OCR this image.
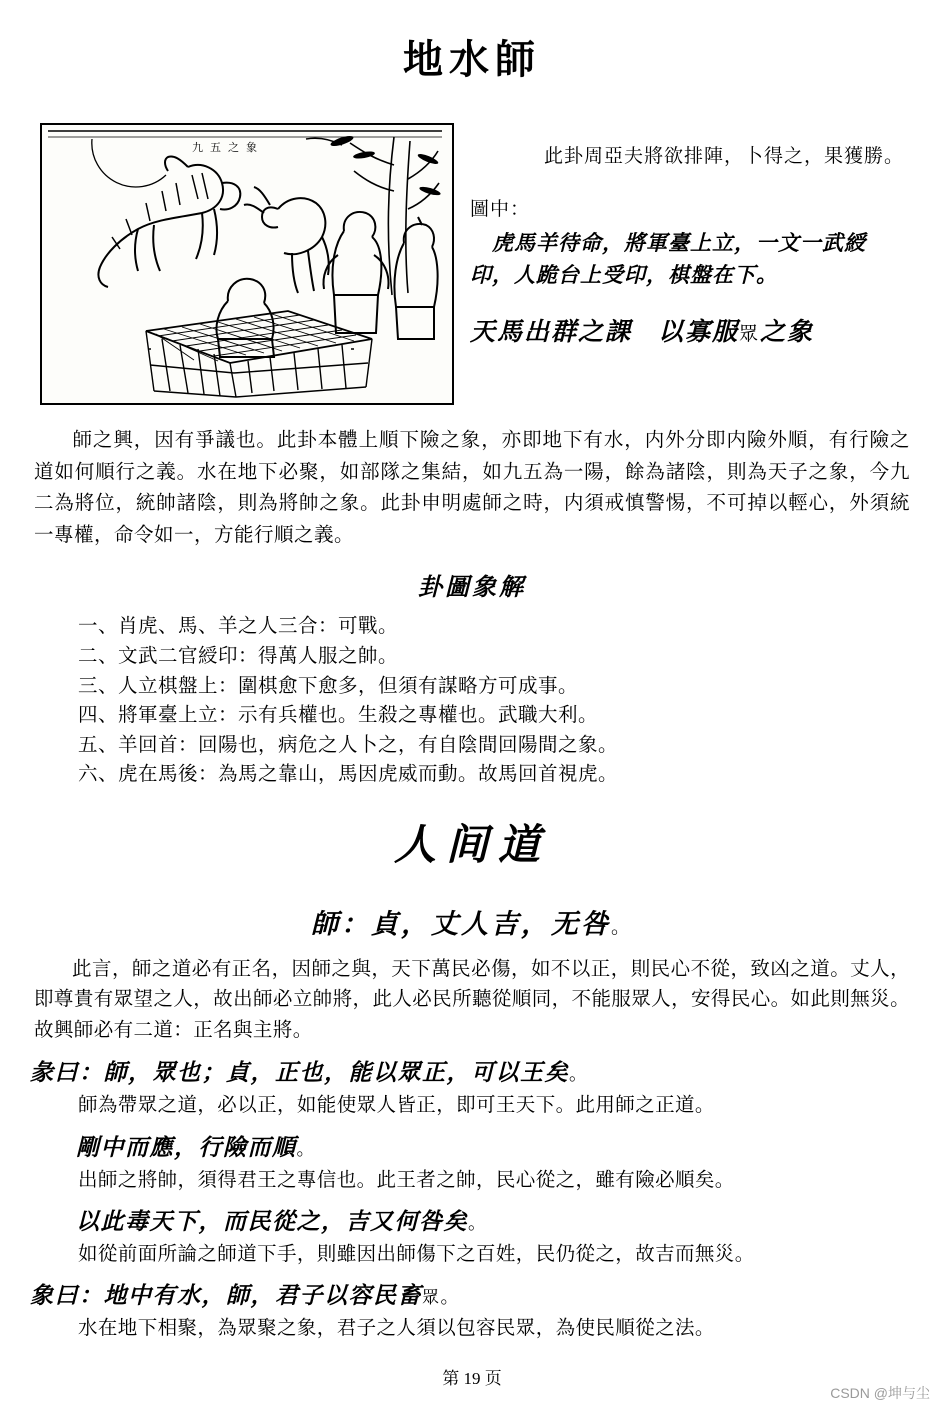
地水師
九 五 之 象	此卦周亞夫將欲排陣，卜得之，果獲勝。
圖中：
虎馬羊待命，將軍臺上立，一文一武綬
印，人跪台上受印，棋盤在下。
天馬出群之課 以寡服眾之象
師之興，因有爭議也。此卦本體上順下險之象，亦即地下有水，内外分即内險外順，有行險之道如何順行之義。水在地下必聚，如部隊之集結，如九五為一陽，餘為諸陰，則為天子之象，今九二為將位，統帥諸陰，則為將帥之象。此卦申明處師之時，内須戒慎警惕，不可掉以輕心，外須統一專權，命令如一，方能行順之義。
卦圖象解
一、肖虎、馬、羊之人三合：可戰。
二、文武二官綬印：得萬人服之帥。
三、人立棋盤上：圍棋愈下愈多，但須有謀略方可成事。
四、將軍臺上立：示有兵權也。生殺之專權也。武職大利。
五、羊回首：回陽也，病危之人卜之，有自陰間回陽間之象。
六、虎在馬後：為馬之靠山，馬因虎威而動。故馬回首視虎。
人间道
師：貞，丈人吉，无咎。
此言，師之道必有正名，因師之與，天下萬民必傷，如不以正，則民心不從，致凶之道。丈人，即尊貴有眾望之人，故出師必立帥將，此人必民所聽從順同，不能服眾人，安得民心。如此則無災。故興師必有二道：正名與主將。
彖曰：師，眾也；貞，正也，能以眾正，可以王矣。
師為帶眾之道，必以正，如能使眾人皆正，即可王天下。此用師之正道。
剛中而應，行險而順。
出師之將帥，須得君王之專信也。此王者之帥，民心從之，雖有險必順矣。
以此毒天下，而民從之，吉又何咎矣。
如從前面所論之師道下手，則雖因出師傷下之百姓，民仍從之，故吉而無災。
象曰：地中有水，師，君子以容民畜眾。
水在地下相聚，為眾聚之象，君子之人須以包容民眾，為使民順從之法。
第 19 页
CSDN @坤与尘
